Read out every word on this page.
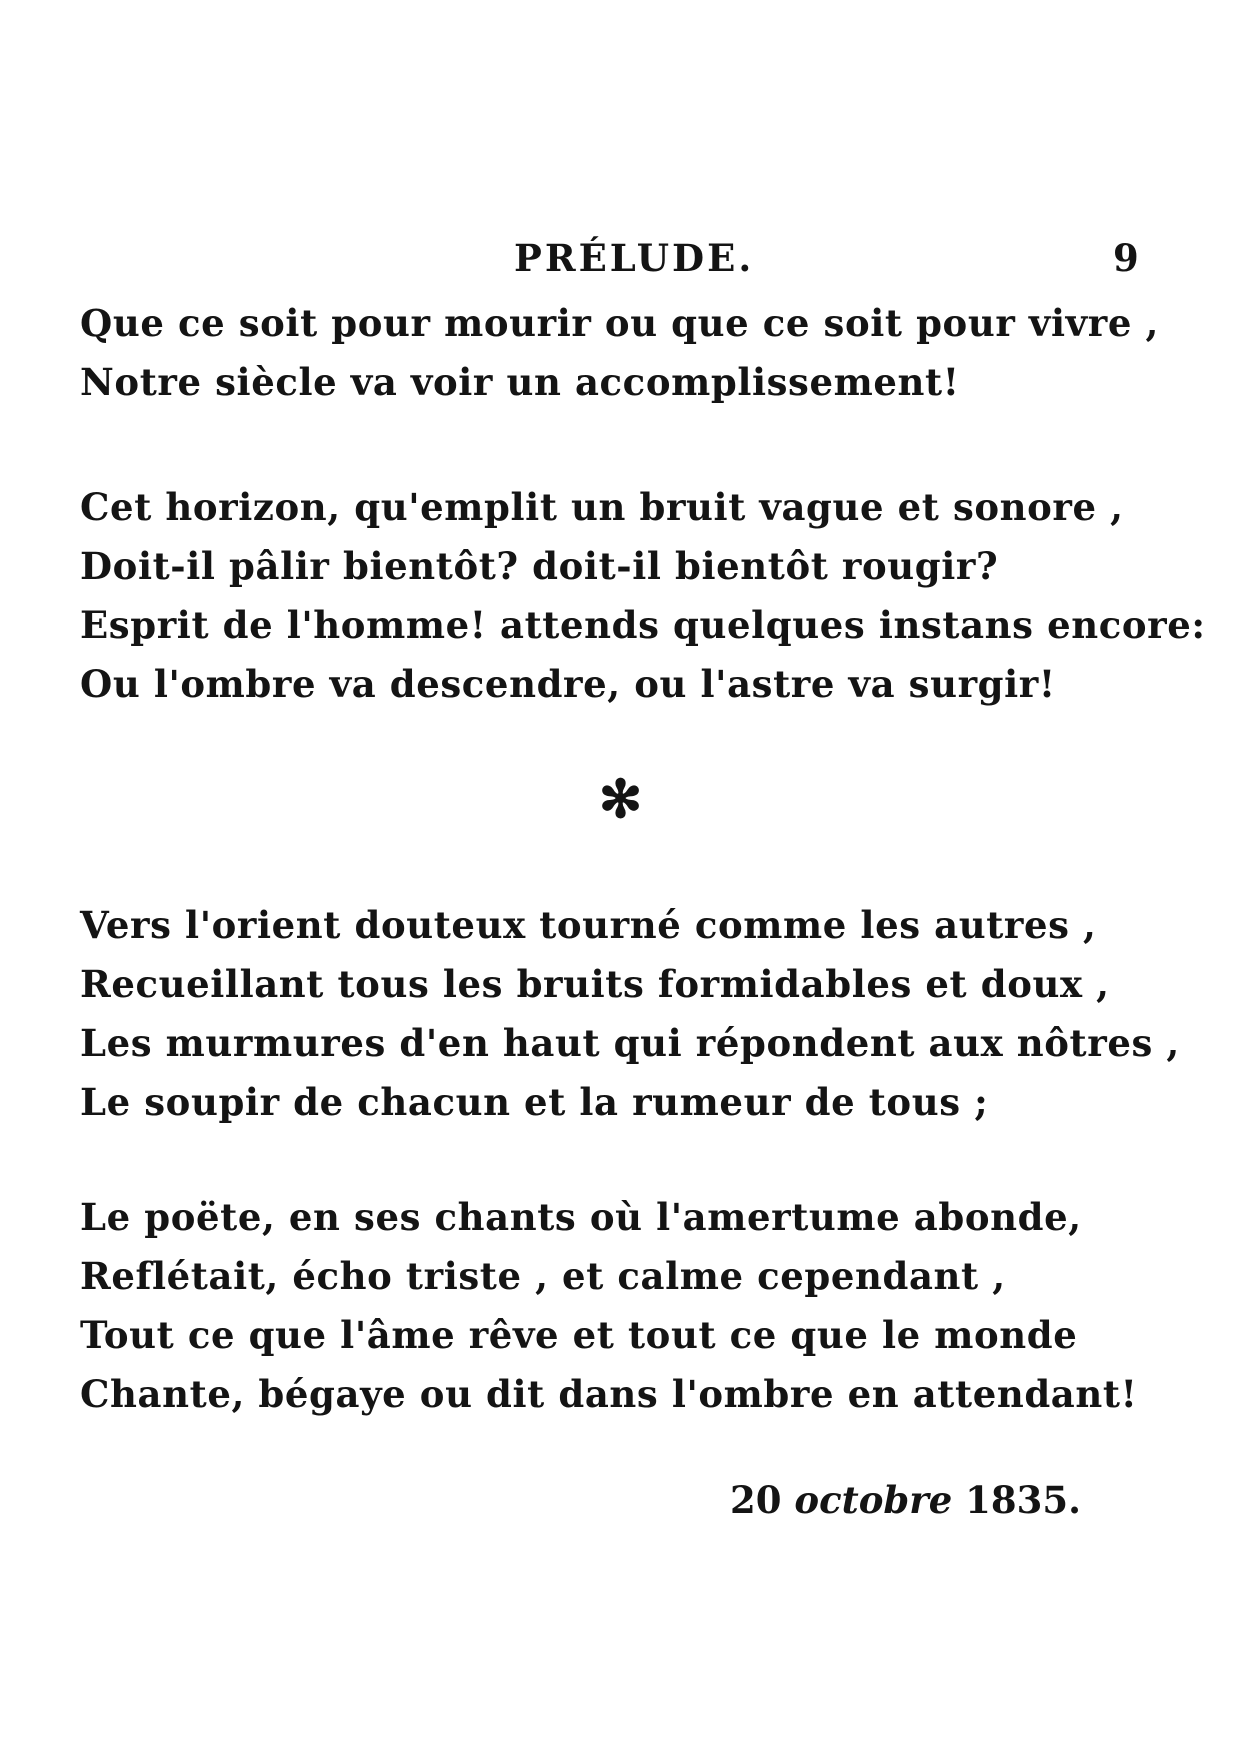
PRÉLUDE.	9
Que ce soit pour mourir ou que ce soit pour vivre ,
Notre siècle va voir un accomplissement!
Cet horizon, qu'emplit un bruit vague et sonore ,
Doit-il pâlir bientôt? doit-il bientôt rougir?
Esprit de l'homme! attends quelques instans encore:
Ou l'ombre va descendre, ou l'astre va surgir!
✻
Vers l'orient douteux tourné comme les autres ,
Recueillant tous les bruits formidables et doux ,
Les murmures d'en haut qui répondent aux nôtres ,
Le soupir de chacun et la rumeur de tous ;
Le poëte, en ses chants où l'amertume abonde,
Reflétait, écho triste , et calme cependant ,
Tout ce que l'âme rêve et tout ce que le monde
Chante, bégaye ou dit dans l'ombre en attendant!
20 octobre 1835.
